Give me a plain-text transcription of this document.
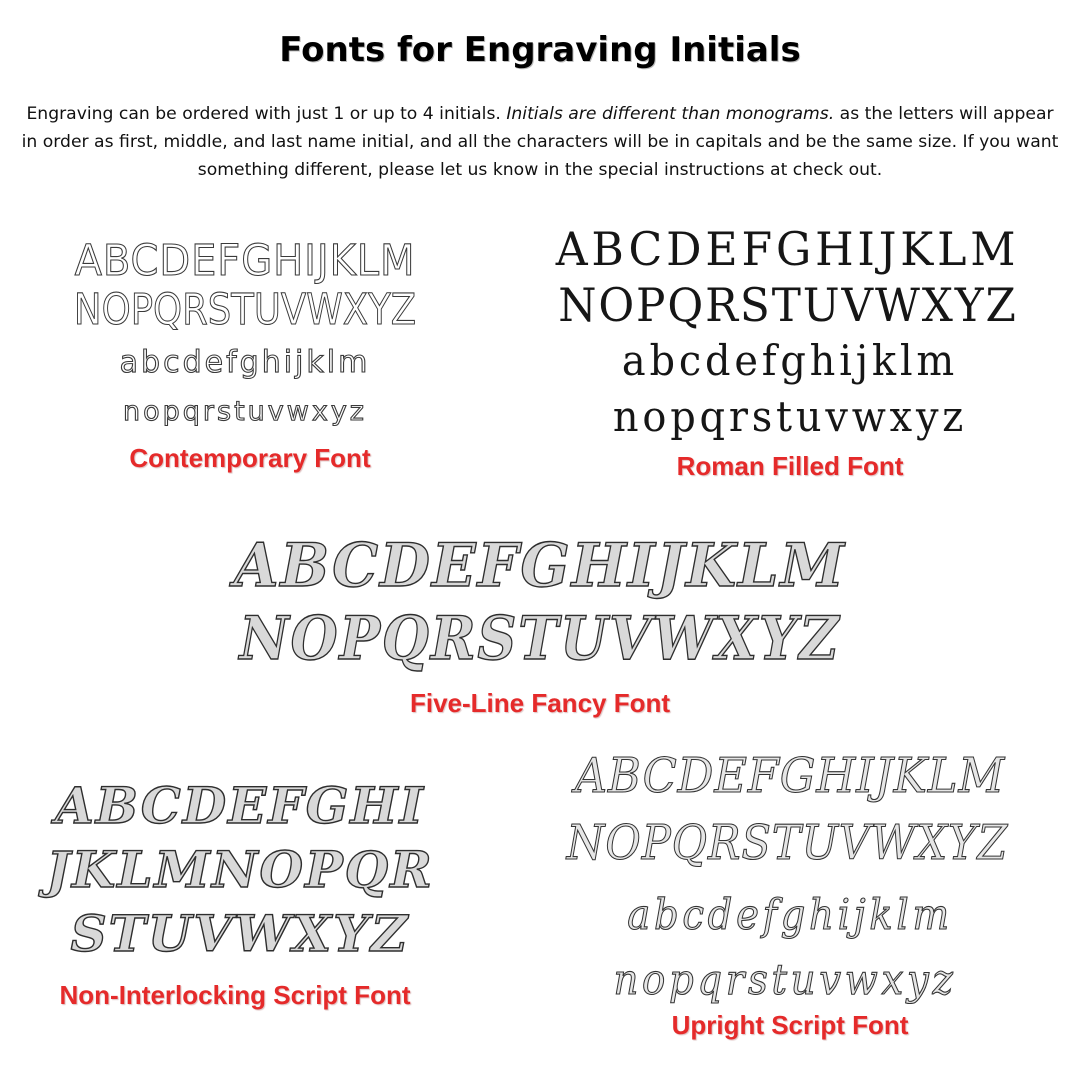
Fonts for Engraving Initials
Engraving can be ordered with just 1 or up to 4 initials. Initials are different than monograms. as the letters will appear in order as first, middle, and last name initial, and all the characters will be in capitals and be the same size. If you want something different, please let us know in the special instructions at check out.
ABCDEFGHIJKLM
NOPQRSTUVWXYZ
abcdefghijklm
nopqrstuvwxyz
Contemporary Font
ABCDEFGHIJKLM
NOPQRSTUVWXYZ
abcdefghijklm
nopqrstuvwxyz
Roman Filled Font
ABCDEFGHIJKLM
NOPQRSTUVWXYZ
Five-Line Fancy Font
ABCDEFGHI
JKLMNOPQR
STUVWXYZ
Non-Interlocking Script Font
ABCDEFGHIJKLM
NOPQRSTUVWXYZ
abcdefghijklm
nopqrstuvwxyz
Upright Script Font
